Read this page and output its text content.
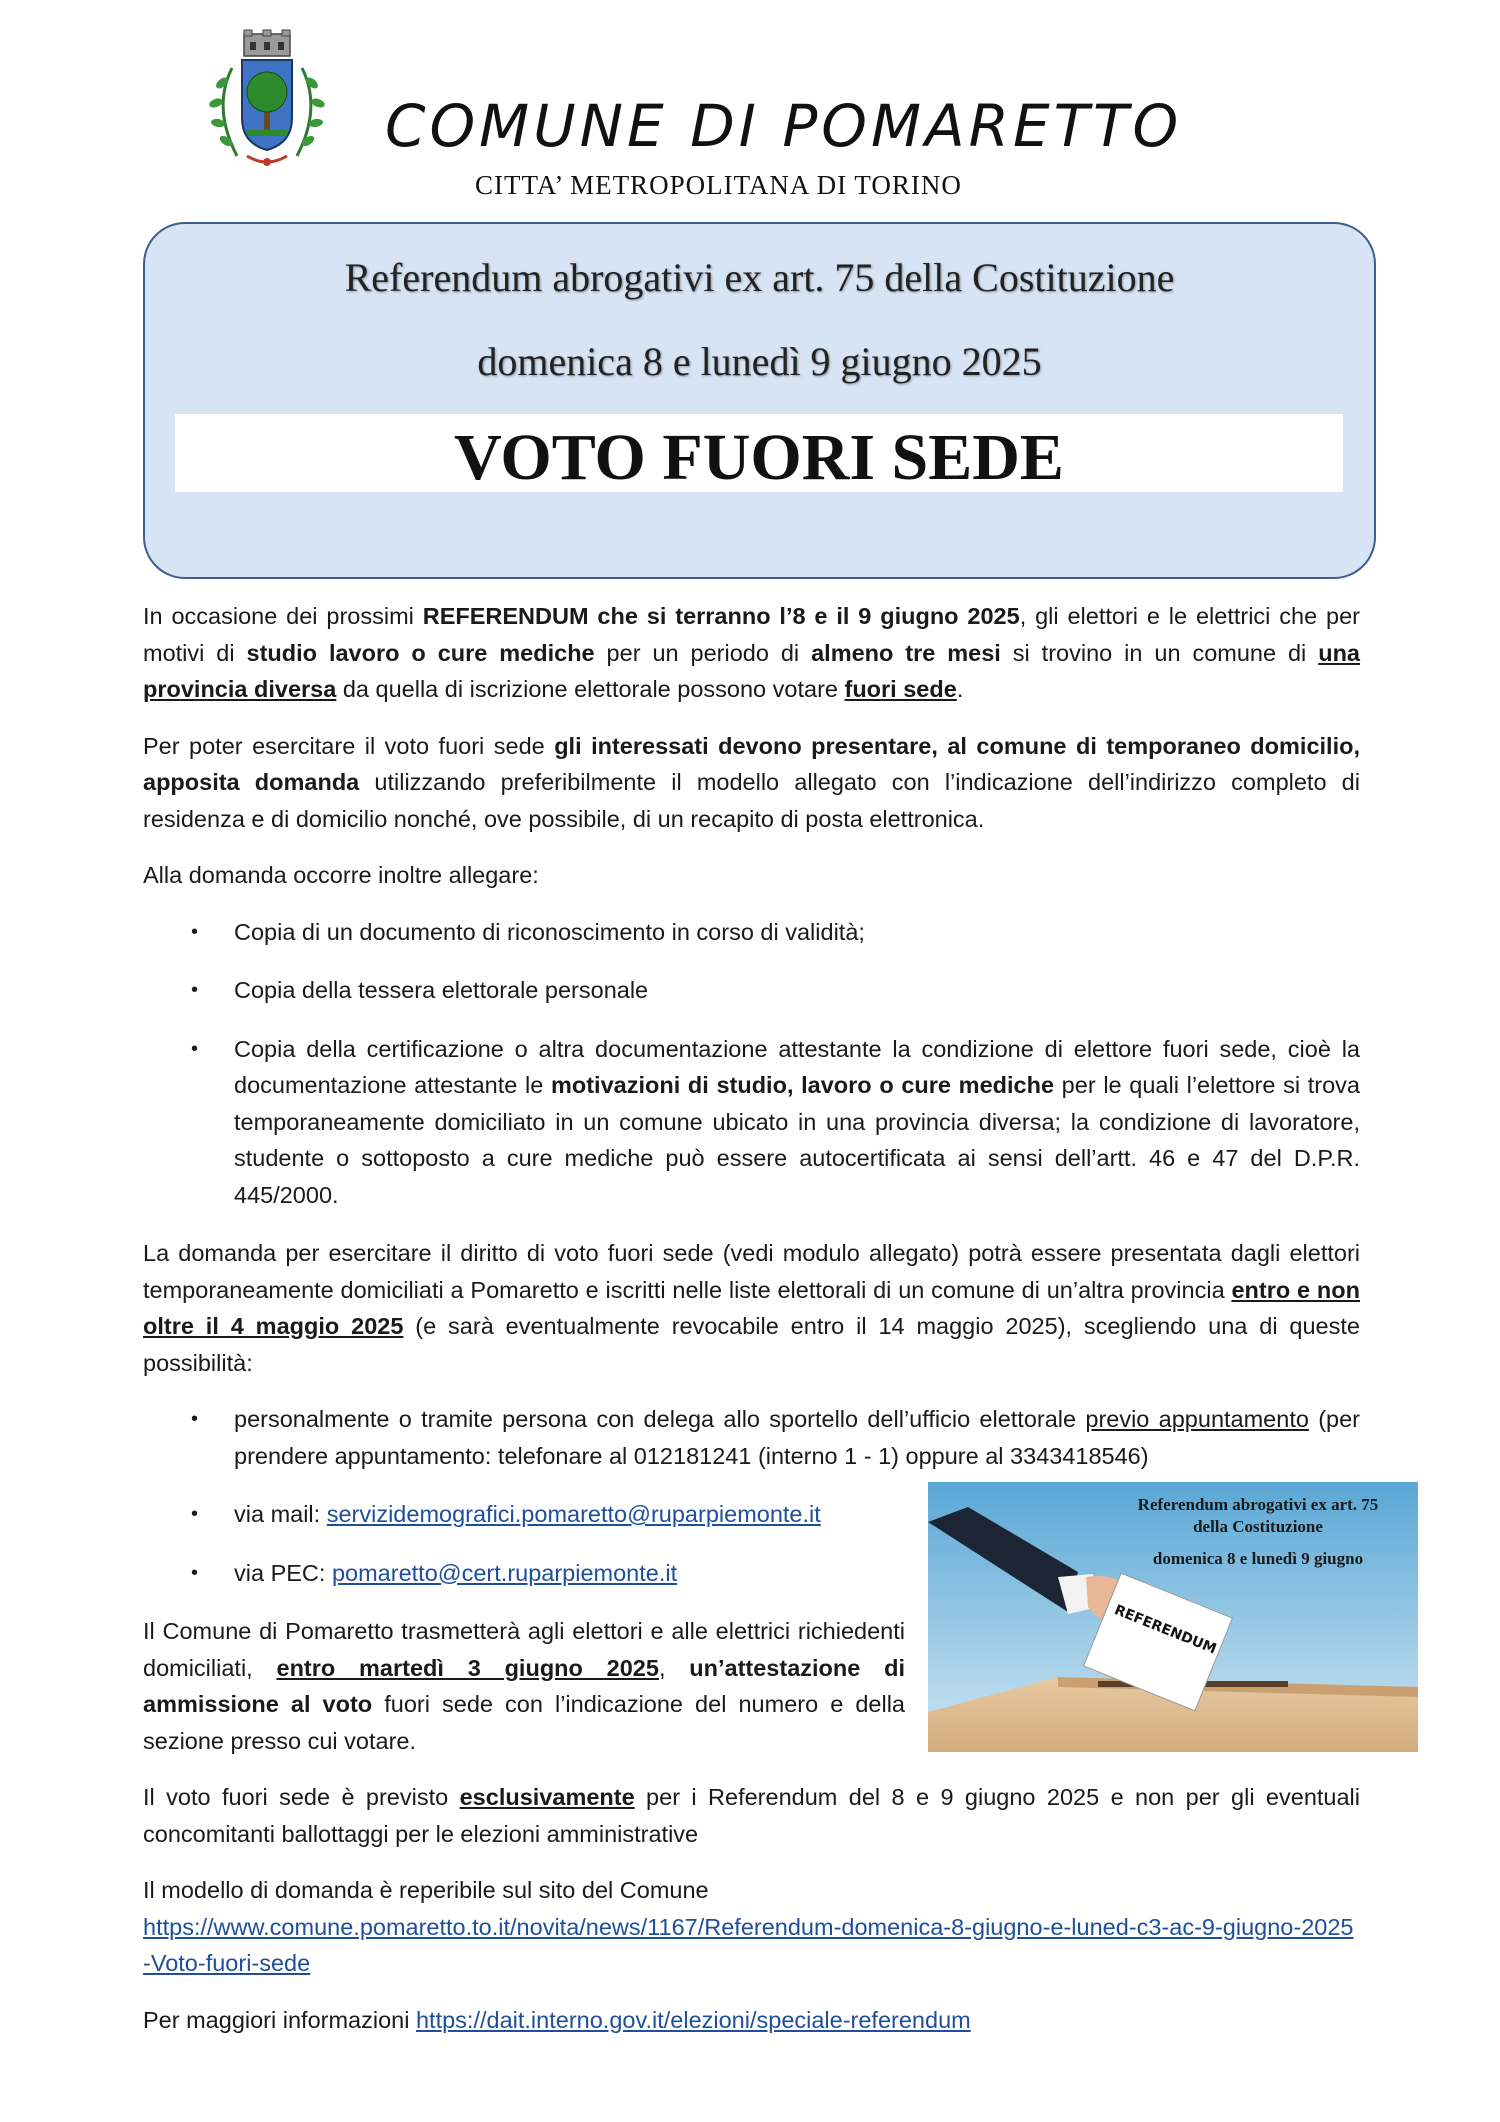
COMUNE DI POMARETTO
CITTA’ METROPOLITANA DI TORINO
Referendum abrogativi ex art. 75 della Costituzione
domenica 8 e lunedì 9 giugno 2025
VOTO FUORI SEDE

In occasione dei prossimi REFERENDUM che si terranno l’8 e il 9 giugno 2025, gli elettori e le elettrici che per motivi di studio lavoro o cure mediche per un periodo di almeno tre mesi si trovino in un comune di una provincia diversa da quella di iscrizione elettorale possono votare fuori sede.

Per poter esercitare il voto fuori sede gli interessati devono presentare, al comune di temporaneo domicilio, apposita domanda utilizzando preferibilmente il modello allegato con l’indicazione dell’indirizzo completo di residenza e di domicilio nonché, ove possibile, di un recapito di posta elettronica.

Alla domanda occorre inoltre allegare:

• Copia di un documento di riconoscimento in corso di validità;
• Copia della tessera elettorale personale
• Copia della certificazione o altra documentazione attestante la condizione di elettore fuori sede, cioè la documentazione attestante le motivazioni di studio, lavoro o cure mediche per le quali l’elettore si trova temporaneamente domiciliato in un comune ubicato in una provincia diversa; la condizione di lavoratore, studente o sottoposto a cure mediche può essere autocertificata ai sensi dell’artt. 46 e 47 del D.P.R. 445/2000.

La domanda per esercitare il diritto di voto fuori sede (vedi modulo allegato) potrà essere presentata dagli elettori temporaneamente domiciliati a Pomaretto e iscritti nelle liste elettorali di un comune di un’altra provincia entro e non oltre il 4 maggio 2025 (e sarà eventualmente revocabile entro il 14 maggio 2025), scegliendo una di queste possibilità:

• personalmente o tramite persona con delega allo sportello dell’ufficio elettorale previo appuntamento (per prendere appuntamento: telefonare al 012181241 (interno 1 - 1) oppure al 3343418546)
• via mail: servizidemografici.pomaretto@ruparpiemonte.it
• via PEC: pomaretto@cert.ruparpiemonte.it

Il Comune di Pomaretto trasmetterà agli elettori e alle elettrici richiedenti domiciliati, entro martedì 3 giugno 2025, un’attestazione di ammissione al voto fuori sede con l’indicazione del numero e della sezione presso cui votare.

Il voto fuori sede è previsto esclusivamente per i Referendum del 8 e 9 giugno 2025 e non per gli eventuali concomitanti ballottaggi per le elezioni amministrative

Il modello di domanda è reperibile sul sito del Comune
https://www.comune.pomaretto.to.it/novita/news/1167/Referendum-domenica-8-giugno-e-luned-c3-ac-9-giugno-2025-Voto-fuori-sede

Per maggiori informazioni https://dait.interno.gov.it/elezioni/speciale-referendum

REFERENDUM
Referendum abrogativi ex art. 75
della Costituzione
domenica 8 e lunedì 9 giugno
